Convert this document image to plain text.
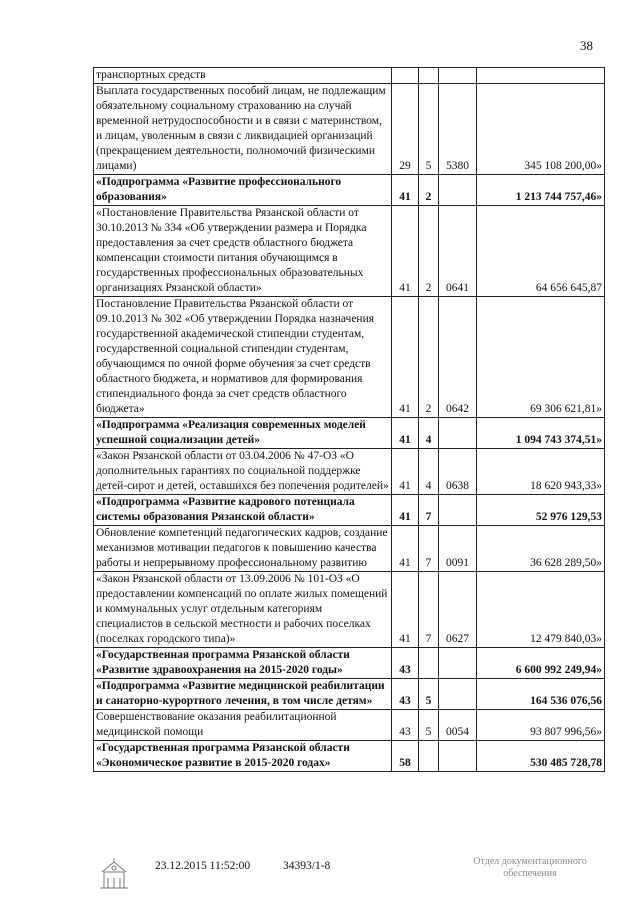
38
транспортных средств				
Выплата государственных пособий лицам, не подлежащим обязательному социальному страхованию на случай временной нетрудоспособности и в связи с материнством, и лицам, уволенным в связи с ликвидацией организаций (прекращением деятельности, полномочий физическими лицами)	29	5	5380	345 108 200,00»
«Подпрограмма «Развитие профессионального образования»	41	2		1 213 744 757,46»
«Постановление Правительства Рязанской области от 30.10.2013 № 334 «Об утверждении размера и Порядка предоставления за счет средств областного бюджета компенсации стоимости питания обучающимся в государственных профессиональных образовательных организациях Рязанской области»	41	2	0641	64 656 645,87
Постановление Правительства Рязанской области от 09.10.2013 № 302 «Об утверждении Порядка назначения государственной академической стипендии студентам, государственной социальной стипендии студентам, обучающимся по очной форме обучения за счет средств областного бюджета, и нормативов для формирования стипендиального фонда за счет средств областного бюджета»	41	2	0642	69 306 621,81»
«Подпрограмма «Реализация современных моделей успешной социализации детей»	41	4		1 094 743 374,51»
«Закон Рязанской области от 03.04.2006 № 47-ОЗ «О дополнительных гарантиях по социальной поддержке детей-сирот и детей, оставшихся без попечения родителей»	41	4	0638	18 620 943,33»
«Подпрограмма «Развитие кадрового потенциала системы образования Рязанской области»	41	7		52 976 129,53
Обновление компетенций педагогических кадров, создание механизмов мотивации педагогов к повышению качества работы и непрерывному профессиональному развитию	41	7	0091	36 628 289,50»
«Закон Рязанской области от 13.09.2006 № 101-ОЗ «О предоставлении компенсаций по оплате жилых помещений и коммунальных услуг отдельным категориям специалистов в сельской местности и рабочих поселках (поселках городского типа)»	41	7	0627	12 479 840,03»
«Государственная программа Рязанской области «Развитие здравоохранения на 2015-2020 годы»	43			6 600 992 249,94»
«Подпрограмма «Развитие медицинской реабилитации и санаторно-курортного лечения, в том числе детям»	43	5		164 536 076,56
Совершенствование оказания реабилитационной медицинской помощи	43	5	0054	93 807 996,56»
«Государственная программа Рязанской области «Экономическое развитие в 2015-2020 годах»	58			530 485 728,78
23.12.2015 11:52:00	34393/1-8	Отдел документационного обеспечения
